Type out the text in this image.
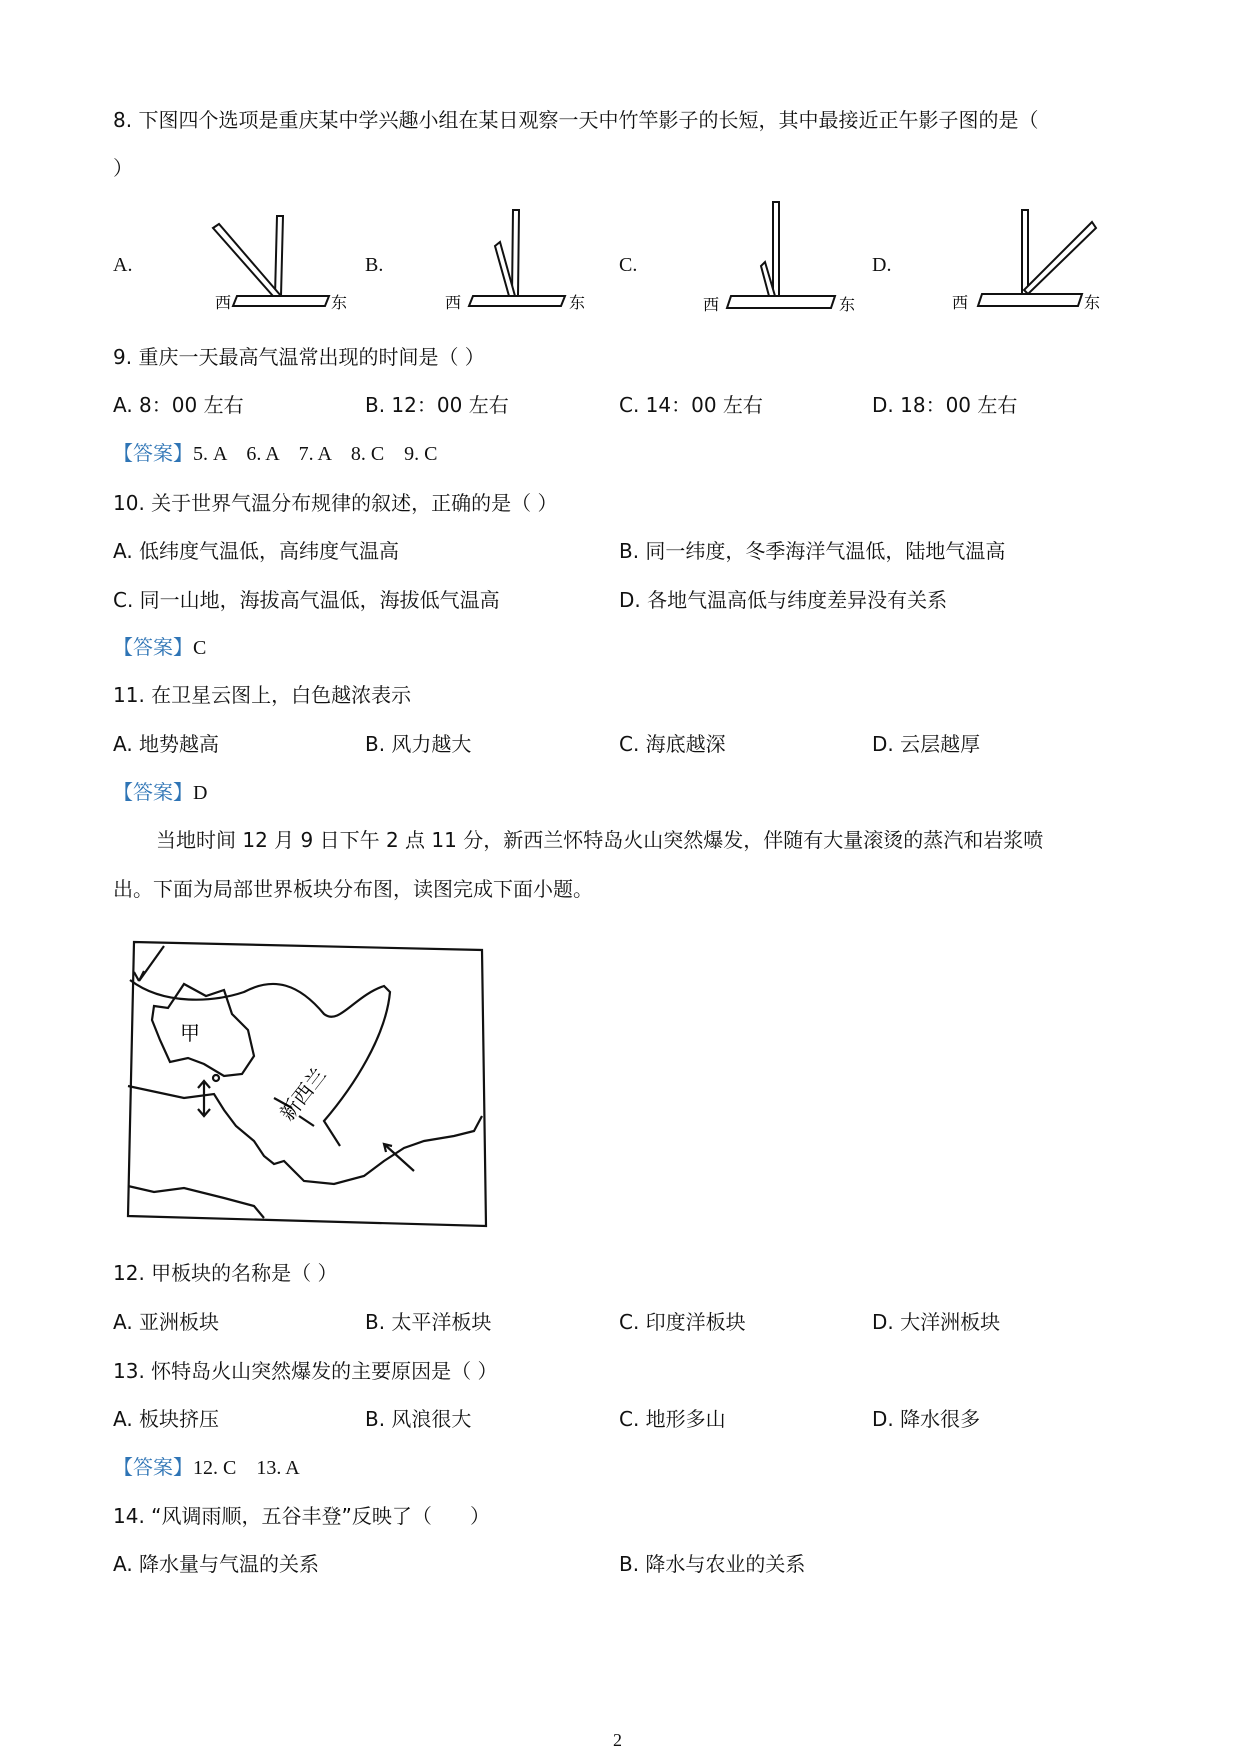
8. 下图四个选项是重庆某中学兴趣小组在某日观察一天中竹竿影子的长短，其中最接近正午影子图的是（
）
A.
西	东
B.
西	东
C.
西	东
D.
西	东
9. 重庆一天最高气温常出现的时间是（ ）
A. 8：00 左右	B. 12：00 左右	C. 14：00 左右	D. 18：00 左右
【答案】5. A    6. A    7. A    8. C    9. C
10. 关于世界气温分布规律的叙述，正确的是（ ）
A. 低纬度气温低，高纬度气温高	B. 同一纬度，冬季海洋气温低，陆地气温高
C. 同一山地，海拔高气温低，海拔低气温高	D. 各地气温高低与纬度差异没有关系
【答案】C
11. 在卫星云图上，白色越浓表示
A. 地势越高	B. 风力越大	C. 海底越深	D. 云层越厚
【答案】D
当地时间 12 月 9 日下午 2 点 11 分，新西兰怀特岛火山突然爆发，伴随有大量滚烫的蒸汽和岩浆喷
出。下面为局部世界板块分布图，读图完成下面小题。
甲
新西兰
12. 甲板块的名称是（ ）
A. 亚洲板块	B. 太平洋板块	C. 印度洋板块	D. 大洋洲板块
13. 怀特岛火山突然爆发的主要原因是（ ）
A. 板块挤压	B. 风浪很大	C. 地形多山	D. 降水很多
【答案】12. C    13. A
14. “风调雨顺，五谷丰登”反映了（      ）
A. 降水量与气温的关系	B. 降水与农业的关系
2
